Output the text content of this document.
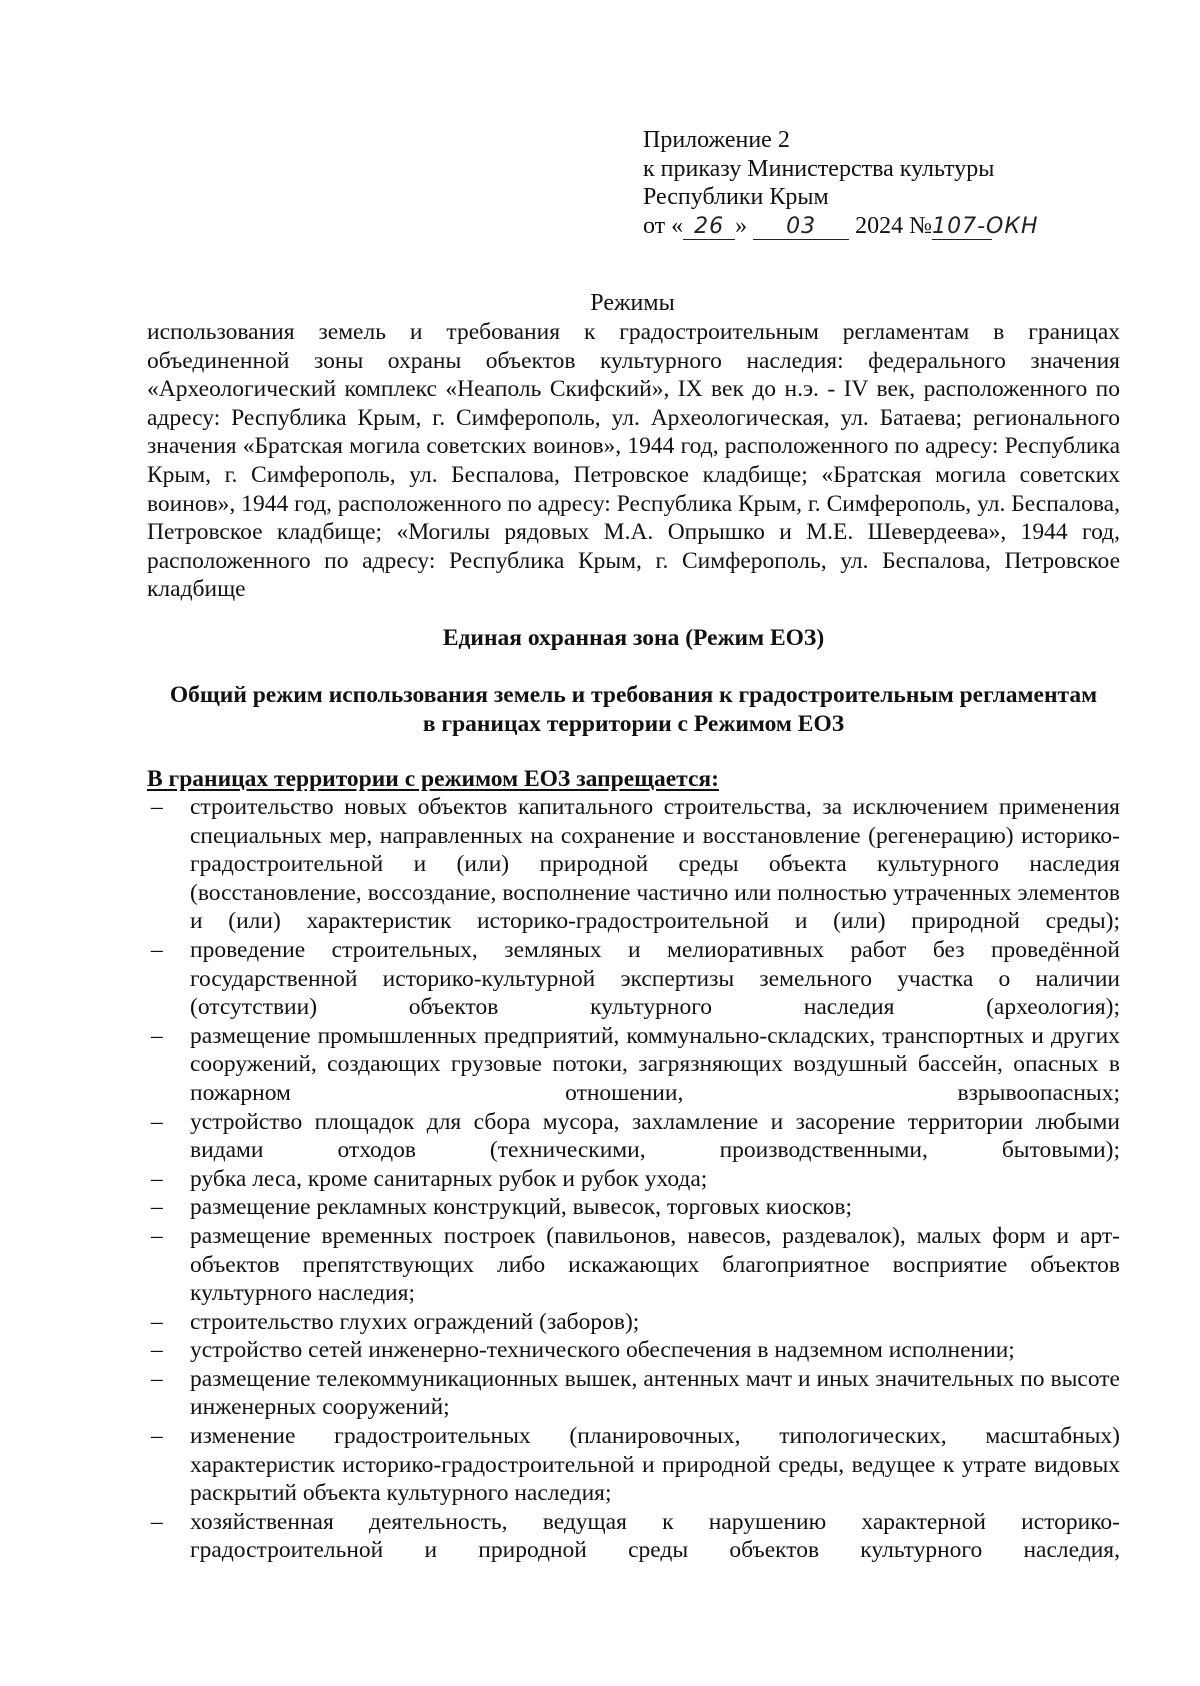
Приложение 2
к приказу Министерства культуры
Республики Крым
от « 26 » 03 2024 №107-ОКН
Режимы
использования земель и требования к градостроительным регламентам в границах объединенной зоны охраны объектов культурного наследия: федерального значения «Археологический комплекс «Неаполь Скифский», IX век до н.э. - IV век, расположенного по адресу: Республика Крым, г. Симферополь, ул. Археологическая, ул. Батаева; регионального значения «Братская могила советских воинов», 1944 год, расположенного по адресу: Республика Крым, г. Симферополь, ул. Беспалова, Петровское кладбище; «Братская могила советских воинов», 1944 год, расположенного по адресу: Республика Крым, г. Симферополь, ул. Беспалова, Петровское кладбище; «Могилы рядовых М.А. Опрышко и М.Е. Шевердеева», 1944 год, расположенного по адресу: Республика Крым, г. Симферополь, ул. Беспалова, Петровское кладбище
Единая охранная зона (Режим ЕОЗ)
Общий режим использования земель и требования к градостроительным регламентам
в границах территории с Режимом ЕОЗ
В границах территории с режимом ЕОЗ запрещается:
– строительство новых объектов капитального строительства, за исключением применения специальных мер, направленных на сохранение и восстановление (регенерацию) историко-градостроительной и (или) природной среды объекта культурного наследия (восстановление, воссоздание, восполнение частично или полностью утраченных элементов и (или) характеристик историко-градостроительной и (или) природной среды);
– проведение строительных, земляных и мелиоративных работ без проведённой государственной историко-культурной экспертизы земельного участка о наличии (отсутствии) объектов культурного наследия (археология);
– размещение промышленных предприятий, коммунально-складских, транспортных и других сооружений, создающих грузовые потоки, загрязняющих воздушный бассейн, опасных в пожарном отношении, взрывоопасных;
– устройство площадок для сбора мусора, захламление и засорение территории любыми видами отходов (техническими, производственными, бытовыми);
– рубка леса, кроме санитарных рубок и рубок ухода;
– размещение рекламных конструкций, вывесок, торговых киосков;
– размещение временных построек (павильонов, навесов, раздевалок), малых форм и арт-объектов препятствующих либо искажающих благоприятное восприятие объектов культурного наследия;
– строительство глухих ограждений (заборов);
– устройство сетей инженерно-технического обеспечения в надземном исполнении;
– размещение телекоммуникационных вышек, антенных мачт и иных значительных по высоте инженерных сооружений;
– изменение градостроительных (планировочных, типологических, масштабных) характеристик историко-градостроительной и природной среды, ведущее к утрате видовых раскрытий объекта культурного наследия;
– хозяйственная деятельность, ведущая к нарушению характерной историко-градостроительной и природной среды объектов культурного наследия,
